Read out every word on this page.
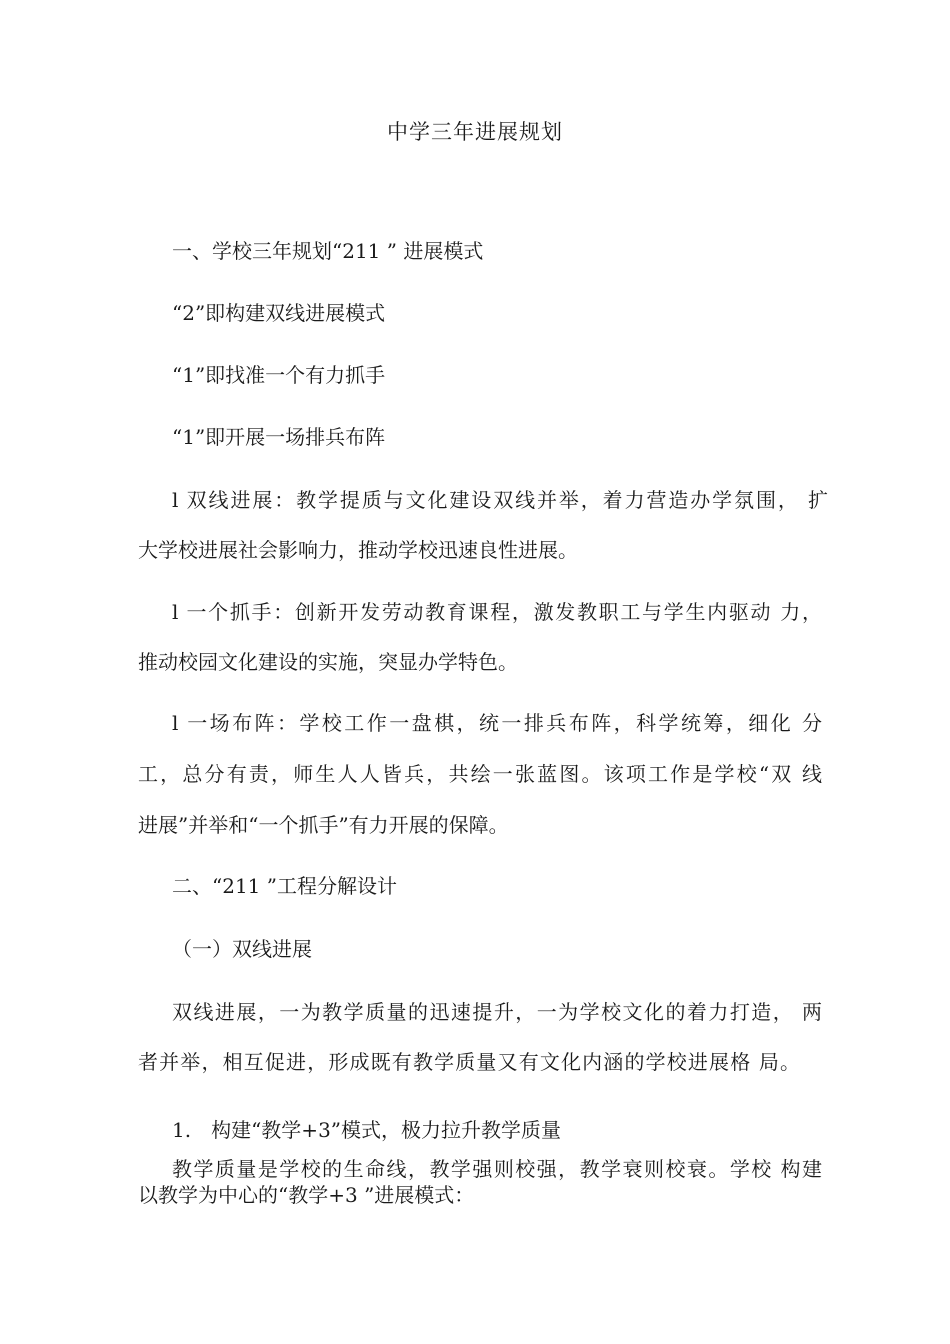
中学三年进展规划
一、学校三年规划“211 ” 进展模式
“2”即构建双线进展模式
“1”即找准一个有力抓手
“1”即开展一场排兵布阵
l 双线进展：教学提质与文化建设双线并举，着力营造办学氛围， 扩
大学校进展社会影响力，推动学校迅速良性进展。
l 一个抓手：创新开发劳动教育课程，激发教职工与学生内驱动 力，
推动校园文化建设的实施，突显办学特色。
l 一场布阵：学校工作一盘棋，统一排兵布阵，科学统筹，细化 分
工，总分有责，师生人人皆兵，共绘一张蓝图。该项工作是学校“双 线
进展”并举和“一个抓手”有力开展的保障。
二、“211 ”工程分解设计
（一）双线进展
双线进展，一为教学质量的迅速提升，一为学校文化的着力打造， 两
者并举，相互促进，形成既有教学质量又有文化内涵的学校进展格 局。
1.　构建“教学+3”模式，极力拉升教学质量
教学质量是学校的生命线，教学强则校强，教学衰则校衰。学校 构建
以教学为中心的“教学+3 ”进展模式：
